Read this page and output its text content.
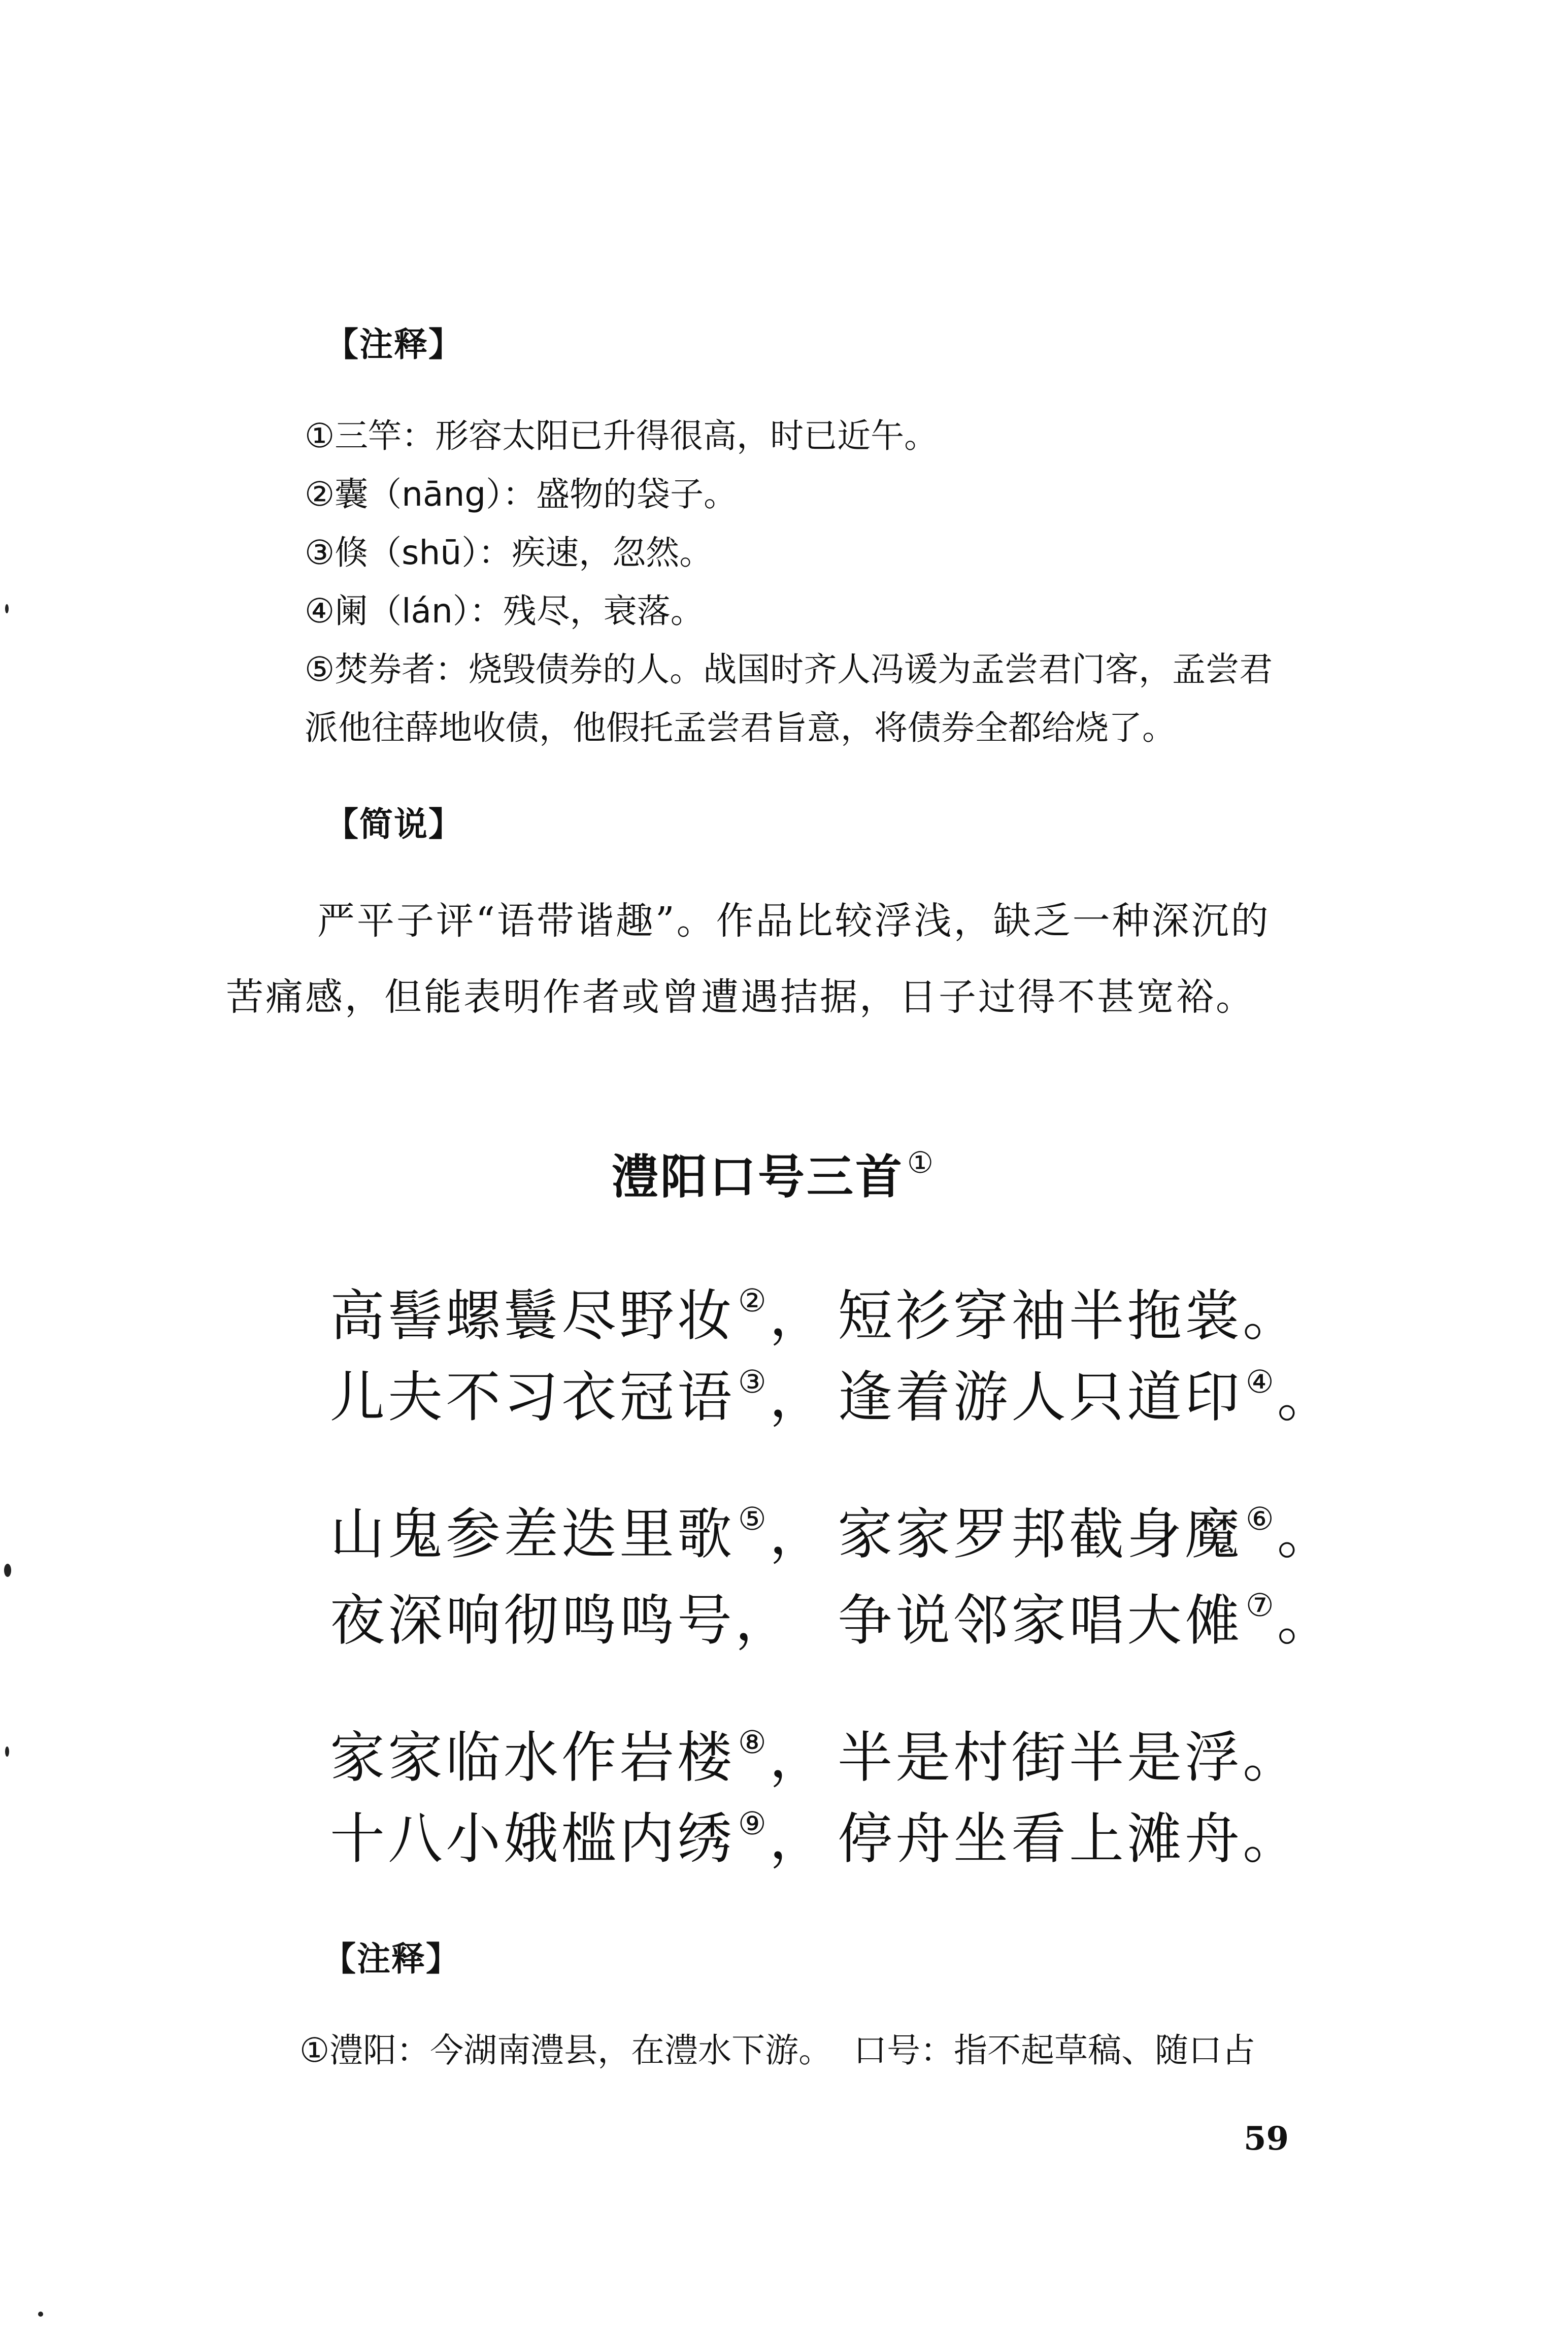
【注释】
①三竿：形容太阳已升得很高，时已近午。
②囊（nāng）：盛物的袋子。
③倏（shū）：疾速，忽然。
④阑（lán）：残尽，衰落。
⑤焚券者：烧毁债券的人。战国时齐人冯谖为孟尝君门客，孟尝君
派他往薛地收债，他假托孟尝君旨意，将债券全都给烧了。
【简说】
严平子评“语带谐趣”。作品比较浮浅，缺乏一种深沉的
苦痛感，但能表明作者或曾遭遇拮据，日子过得不甚宽裕。
澧阳口号三首 ①
高髻螺鬟尽野妆②， 短衫穿袖半拖裳。
儿夫不习衣冠语③， 逢着游人只道印④。
山鬼参差迭里歌⑤， 家家罗邦截身魔⑥。
夜深响彻鸣鸣号， 争说邻家唱大傩⑦。
家家临水作岩楼⑧， 半是村街半是浮。
十八小娥槛内绣⑨， 停舟坐看上滩舟。
【注释】
①澧阳：今湖南澧县，在澧水下游。  口号：指不起草稿、随口占
59
